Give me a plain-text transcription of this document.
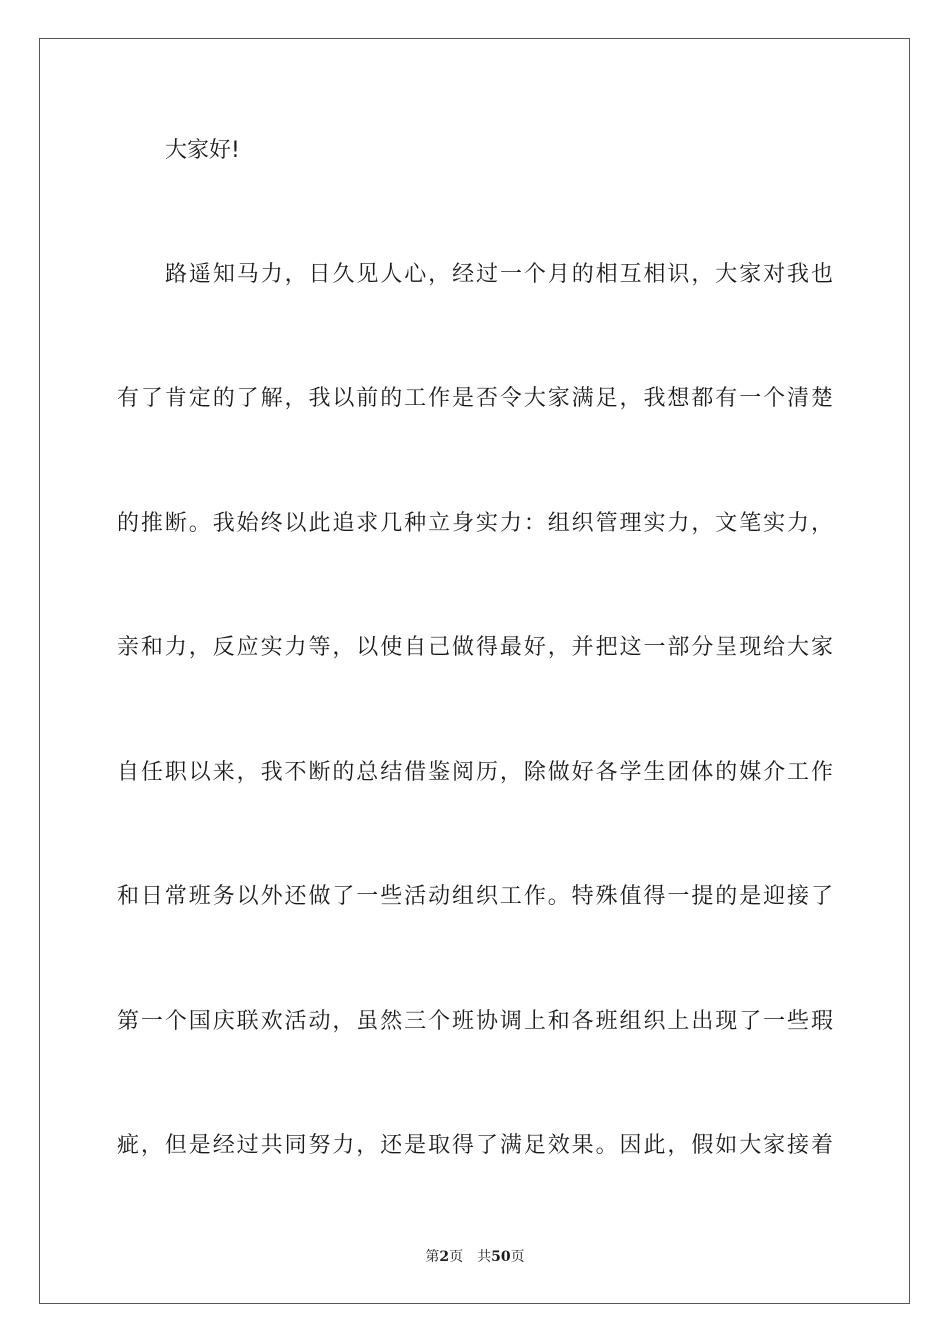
大家好!
路遥知马力，日久见人心，经过一个月的相互相识，大家对我也
有了肯定的了解，我以前的工作是否令大家满足，我想都有一个清楚
的推断。我始终以此追求几种立身实力：组织管理实力，文笔实力，
亲和力，反应实力等，以使自己做得最好，并把这一部分呈现给大家
自任职以来，我不断的总结借鉴阅历，除做好各学生团体的媒介工作
和日常班务以外还做了一些活动组织工作。特殊值得一提的是迎接了
第一个国庆联欢活动，虽然三个班协调上和各班组织上出现了一些瑕
疵，但是经过共同努力，还是取得了满足效果。因此，假如大家接着
第2页 共50页
